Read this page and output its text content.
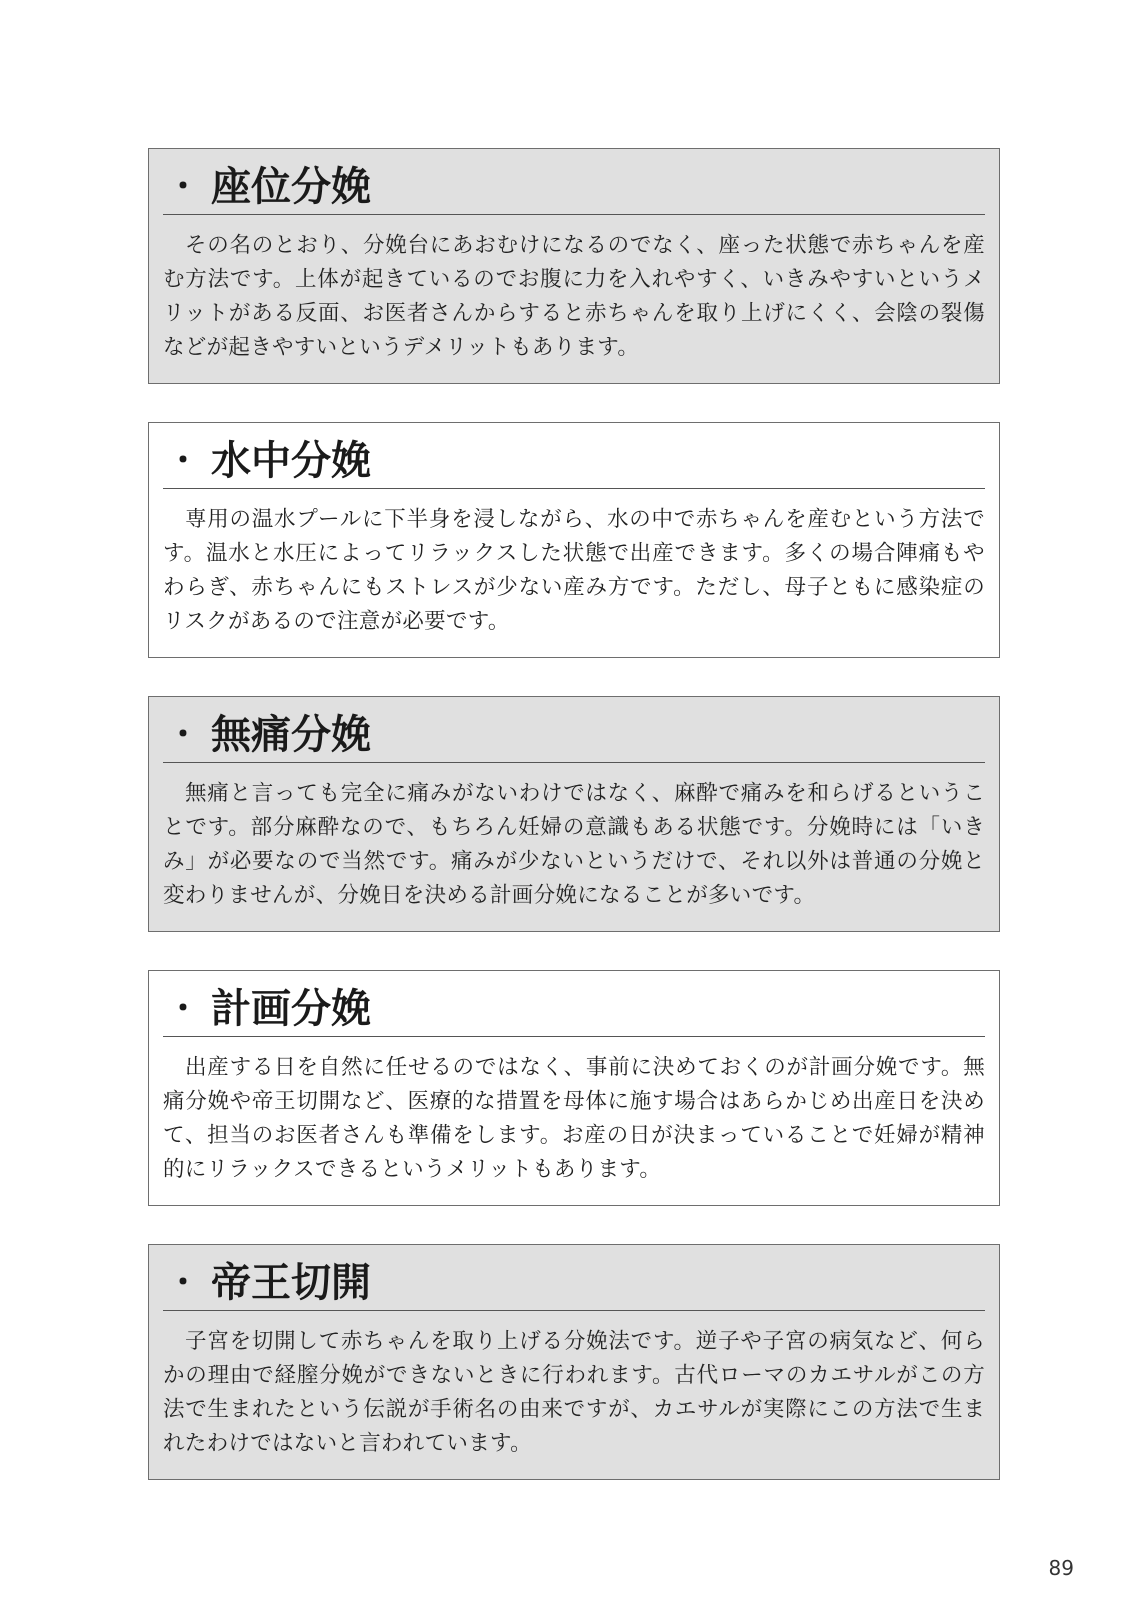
・ 座位分娩

その名のとおり、分娩台にあおむけになるのでなく、座った状態で赤ちゃんを産む方法です。上体が起きているのでお腹に力を入れやすく、いきみやすいというメリットがある反面、お医者さんからすると赤ちゃんを取り上げにくく、会陰の裂傷などが起きやすいというデメリットもあります。

・ 水中分娩

専用の温水プールに下半身を浸しながら、水の中で赤ちゃんを産むという方法です。温水と水圧によってリラックスした状態で出産できます。多くの場合陣痛もやわらぎ、赤ちゃんにもストレスが少ない産み方です。ただし、母子ともに感染症のリスクがあるので注意が必要です。

・ 無痛分娩

無痛と言っても完全に痛みがないわけではなく、麻酔で痛みを和らげるということです。部分麻酔なので、もちろん妊婦の意識もある状態です。分娩時には「いきみ」が必要なので当然です。痛みが少ないというだけで、それ以外は普通の分娩と変わりませんが、分娩日を決める計画分娩になることが多いです。

・ 計画分娩

出産する日を自然に任せるのではなく、事前に決めておくのが計画分娩です。無痛分娩や帝王切開など、医療的な措置を母体に施す場合はあらかじめ出産日を決めて、担当のお医者さんも準備をします。お産の日が決まっていることで妊婦が精神的にリラックスできるというメリットもあります。

・ 帝王切開

子宮を切開して赤ちゃんを取り上げる分娩法です。逆子や子宮の病気など、何らかの理由で経膣分娩ができないときに行われます。古代ローマのカエサルがこの方法で生まれたという伝説が手術名の由来ですが、カエサルが実際にこの方法で生まれたわけではないと言われています。

89
